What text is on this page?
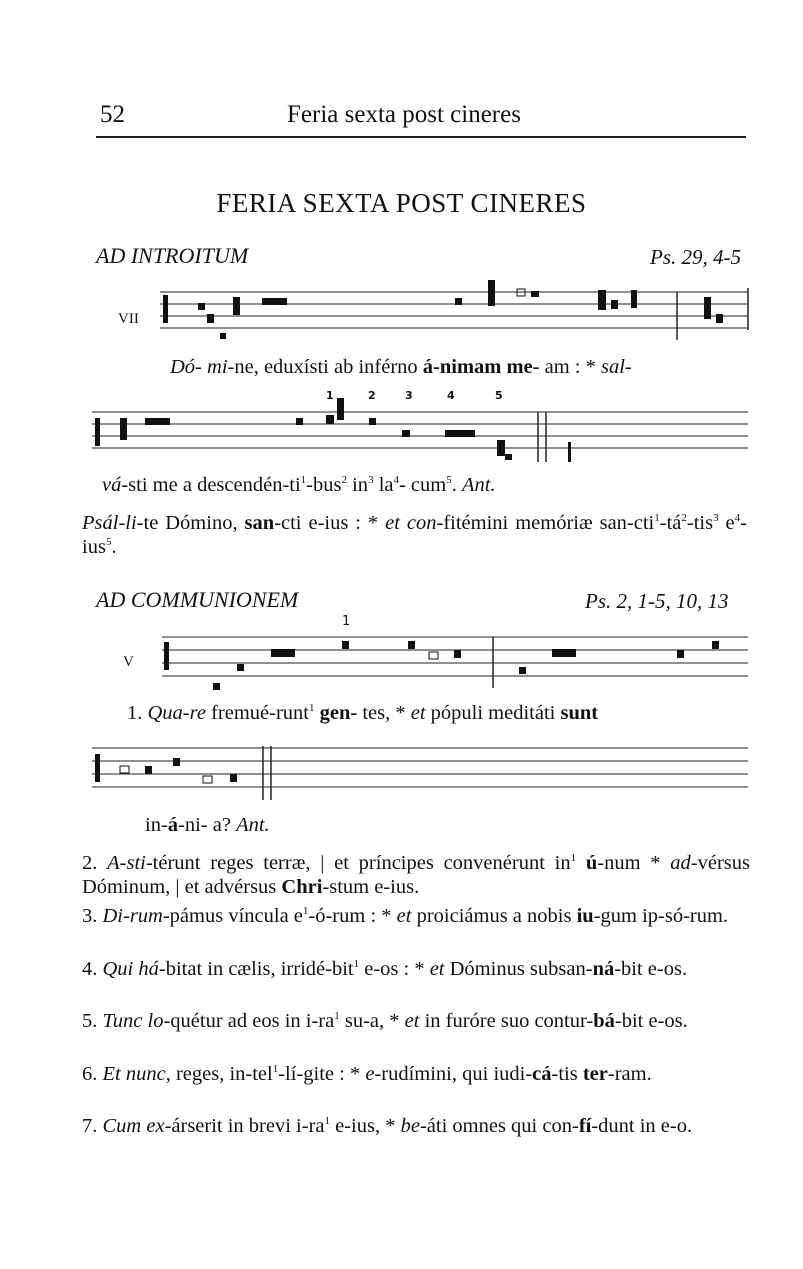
52	Feria sexta post cineres
FERIA SEXTA POST CINERES
AD INTROITUM	Ps. 29, 4-5
VII
Dó- mi-ne, eduxísti ab inférno á-nimam me- am : * sal-
1	2	3	4	5
vá-sti me a descendén-$ti^1-bus^2$ $in^3$ $la^4-$ cum$^5$. Ant.
Psál-li-te Dómino, san-cti e-ius : * et con-fitémini memóriæ san-$cti^1-tá^2-tis^3$ $e^4-ius^5$.
AD COMMUNIONEM	Ps. 2, 1-5, 10, 13
1
V
1. Qua-re fremué-runt$^1$ gen- tes, * et pópuli meditáti sunt
in-á-ni- a? Ant.
2. A-sti-térunt reges terræ, | et príncipes convenérunt $in^1$ ú-num * ad-vérsus Dóminum, | et advérsus Chri-stum e-ius.
3. Di-rum-pámus víncula $e^1-ó$-rum : * et proiciámus a nobis iu-gum ip-só-rum.
4. Qui há-bitat in cælis, irridé-bit$^1$ e-os : * et Dóminus subsan-ná-bit e-os.
5. Tunc lo-quétur ad eos in $i-ra^1$ su-a, * et in furóre suo contur-bá-bit e-os.
6. Et nunc, reges, in-tel$^1$-lí-gite : * e-rudímini, qui iudi-cá-tis ter-ram.
7. Cum ex-árserit in brevi $i-ra^1$ e-ius, * be-áti omnes qui con-fí-dunt in e-o.
